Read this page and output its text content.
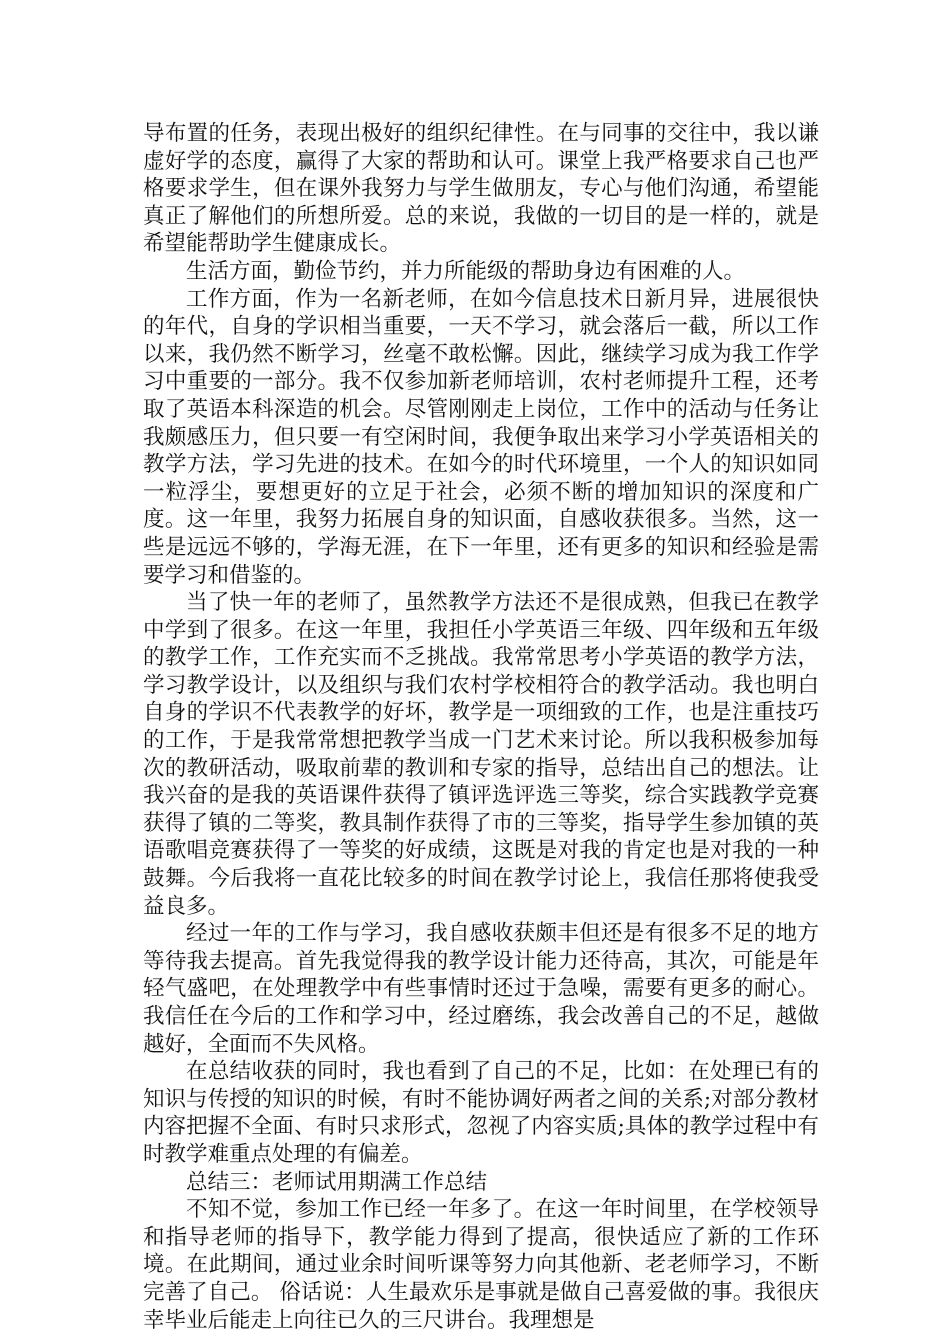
导布置的任务，表现出极好的组织纪律性。在与同事的交往中，我以谦虚好学的态度，赢得了大家的帮助和认可。课堂上我严格要求自己也严格要求学生，但在课外我努力与学生做朋友，专心与他们沟通，希望能真正了解他们的所想所爱。总的来说，我做的一切目的是一样的，就是希望能帮助学生健康成长。

生活方面，勤俭节约，并力所能级的帮助身边有困难的人。

工作方面，作为一名新老师，在如今信息技术日新月异，进展很快的年代，自身的学识相当重要，一天不学习，就会落后一截，所以工作以来，我仍然不断学习，丝毫不敢松懈。因此，继续学习成为我工作学习中重要的一部分。我不仅参加新老师培训，农村老师提升工程，还考取了英语本科深造的机会。尽管刚刚走上岗位，工作中的活动与任务让我颇感压力，但只要一有空闲时间，我便争取出来学习小学英语相关的教学方法，学习先进的技术。在如今的时代环境里，一个人的知识如同一粒浮尘，要想更好的立足于社会，必须不断的增加知识的深度和广度。这一年里，我努力拓展自身的知识面，自感收获很多。当然，这一些是远远不够的，学海无涯，在下一年里，还有更多的知识和经验是需要学习和借鉴的。

当了快一年的老师了，虽然教学方法还不是很成熟，但我已在教学中学到了很多。在这一年里，我担任小学英语三年级、四年级和五年级的教学工作，工作充实而不乏挑战。我常常思考小学英语的教学方法，学习教学设计，以及组织与我们农村学校相符合的教学活动。我也明白自身的学识不代表教学的好坏，教学是一项细致的工作，也是注重技巧的工作，于是我常常想把教学当成一门艺术来讨论。所以我积极参加每次的教研活动，吸取前辈的教训和专家的指导，总结出自己的想法。让我兴奋的是我的英语课件获得了镇评选评选三等奖，综合实践教学竞赛获得了镇的二等奖，教具制作获得了市的三等奖，指导学生参加镇的英语歌唱竞赛获得了一等奖的好成绩，这既是对我的肯定也是对我的一种鼓舞。今后我将一直花比较多的时间在教学讨论上，我信任那将使我受益良多。

经过一年的工作与学习，我自感收获颇丰但还是有很多不足的地方等待我去提高。首先我觉得我的教学设计能力还待高，其次，可能是年轻气盛吧，在处理教学中有些事情时还过于急噪，需要有更多的耐心。我信任在今后的工作和学习中，经过磨练，我会改善自己的不足，越做越好，全面而不失风格。

在总结收获的同时，我也看到了自己的不足，比如：在处理已有的知识与传授的知识的时候，有时不能协调好两者之间的关系;对部分教材内容把握不全面、有时只求形式，忽视了内容实质;具体的教学过程中有时教学难重点处理的有偏差。

总结三：老师试用期满工作总结

不知不觉，参加工作已经一年多了。在这一年时间里，在学校领导和指导老师的指导下，教学能力得到了提高，很快适应了新的工作环境。在此期间，通过业余时间听课等努力向其他新、老老师学习，不断完善了自己。 俗话说：人生最欢乐是事就是做自己喜爱做的事。我很庆幸毕业后能走上向往已久的三尺讲台。我理想是
